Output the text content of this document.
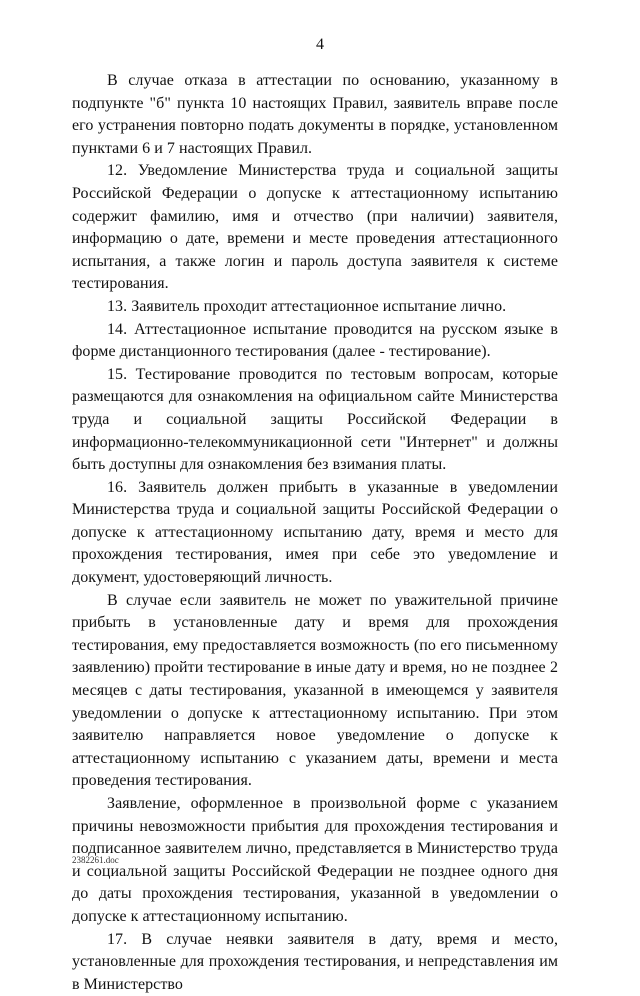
4

В случае отказа в аттестации по основанию, указанному в подпункте "б" пункта 10 настоящих Правил, заявитель вправе после его устранения повторно подать документы в порядке, установленном пунктами 6 и 7 настоящих Правил.

12. Уведомление Министерства труда и социальной защиты Российской Федерации о допуске к аттестационному испытанию содержит фамилию, имя и отчество (при наличии) заявителя, информацию о дате, времени и месте проведения аттестационного испытания, а также логин и пароль доступа заявителя к системе тестирования.

13. Заявитель проходит аттестационное испытание лично.

14. Аттестационное испытание проводится на русском языке в форме дистанционного тестирования (далее - тестирование).

15. Тестирование проводится по тестовым вопросам, которые размещаются для ознакомления на официальном сайте Министерства труда и социальной защиты Российской Федерации в информационно-телекоммуникационной сети "Интернет" и должны быть доступны для ознакомления без взимания платы.

16. Заявитель должен прибыть в указанные в уведомлении Министерства труда и социальной защиты Российской Федерации о допуске к аттестационному испытанию дату, время и место для прохождения тестирования, имея при себе это уведомление и документ, удостоверяющий личность.

В случае если заявитель не может по уважительной причине прибыть в установленные дату и время для прохождения тестирования, ему предоставляется возможность (по его письменному заявлению) пройти тестирование в иные дату и время, но не позднее 2 месяцев с даты тестирования, указанной в имеющемся у заявителя уведомлении о допуске к аттестационному испытанию. При этом заявителю направляется новое уведомление о допуске к аттестационному испытанию с указанием даты, времени и места проведения тестирования.

Заявление, оформленное в произвольной форме с указанием причины невозможности прибытия для прохождения тестирования и подписанное заявителем лично, представляется в Министерство труда и социальной защиты Российской Федерации не позднее одного дня до даты прохождения тестирования, указанной в уведомлении о допуске к аттестационному испытанию.

17. В случае неявки заявителя в дату, время и место, установленные для прохождения тестирования, и непредставления им в Министерство

2382261.doc
